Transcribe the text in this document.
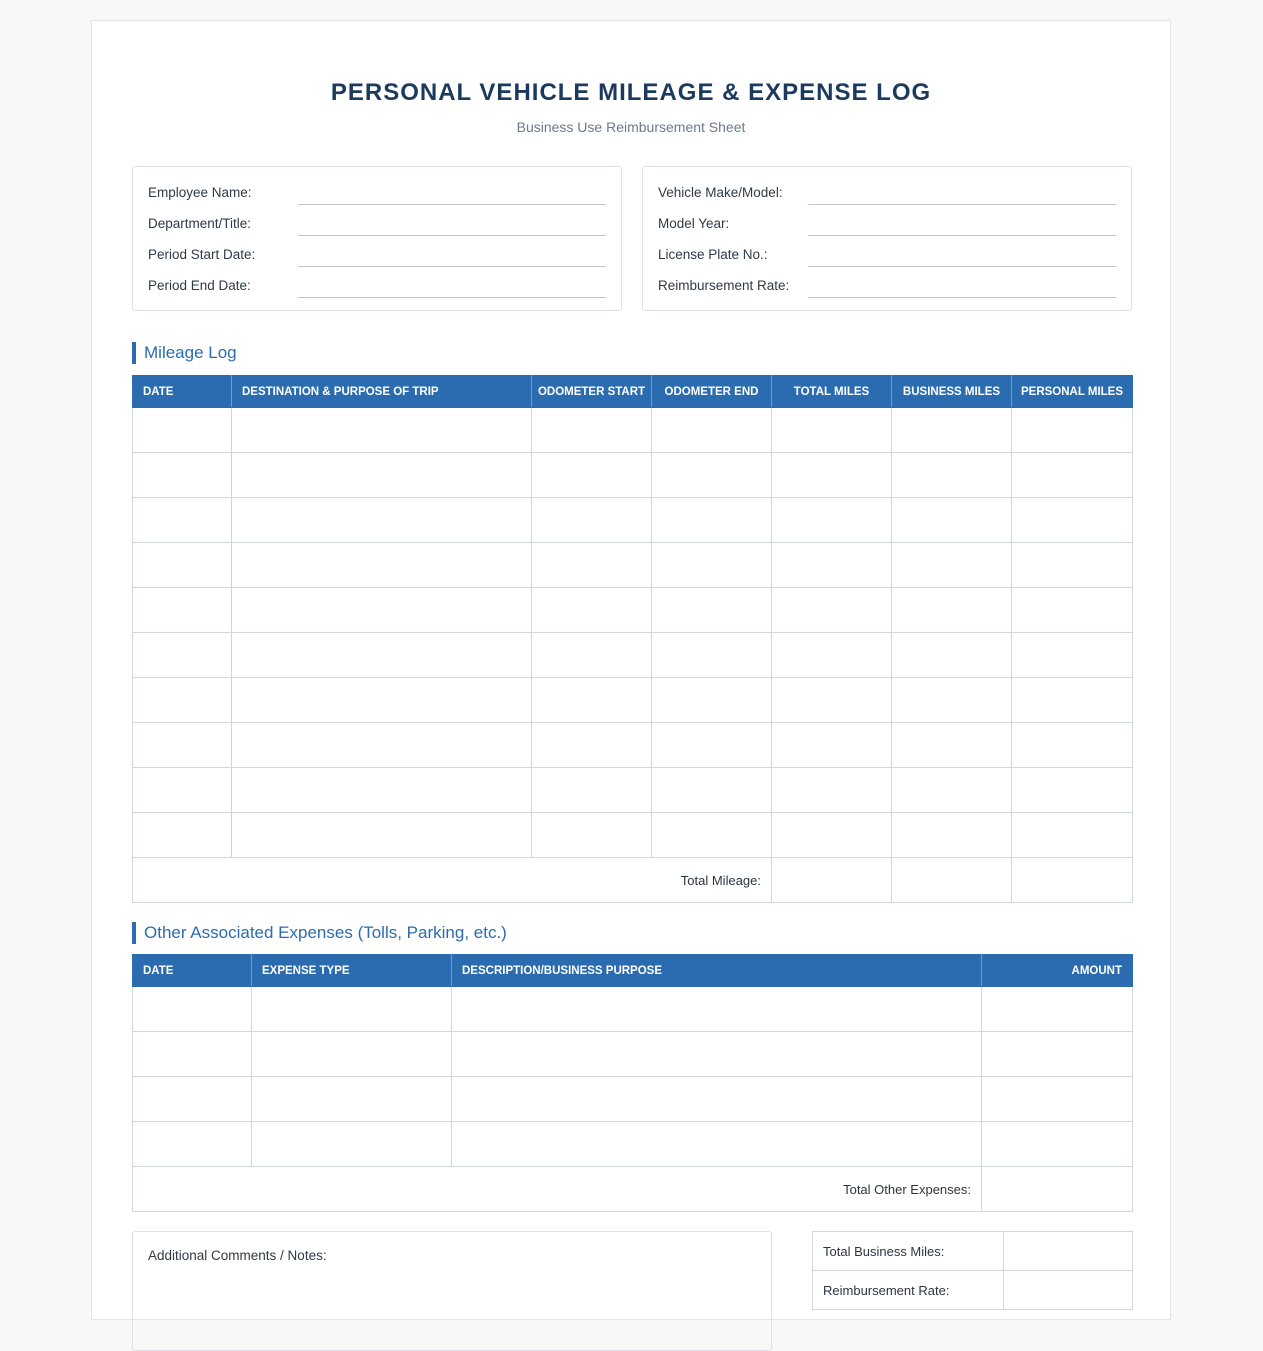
PERSONAL VEHICLE MILEAGE & EXPENSE LOG
Business Use Reimbursement Sheet
Employee Name:
Department/Title:
Period Start Date:
Period End Date:
Vehicle Make/Model:
Model Year:
License Plate No.:
Reimbursement Rate:
Mileage Log
DATE	DESTINATION & PURPOSE OF TRIP	ODOMETER START	ODOMETER END	TOTAL MILES	BUSINESS MILES	PERSONAL MILES

Total Mileage:						
Other Associated Expenses (Tolls, Parking, etc.)
DATE	EXPENSE TYPE	DESCRIPTION/BUSINESS PURPOSE	AMOUNT

Total Other Expenses:			
Additional Comments / Notes:	Total Business Miles:	
Reimbursement Rate:	
